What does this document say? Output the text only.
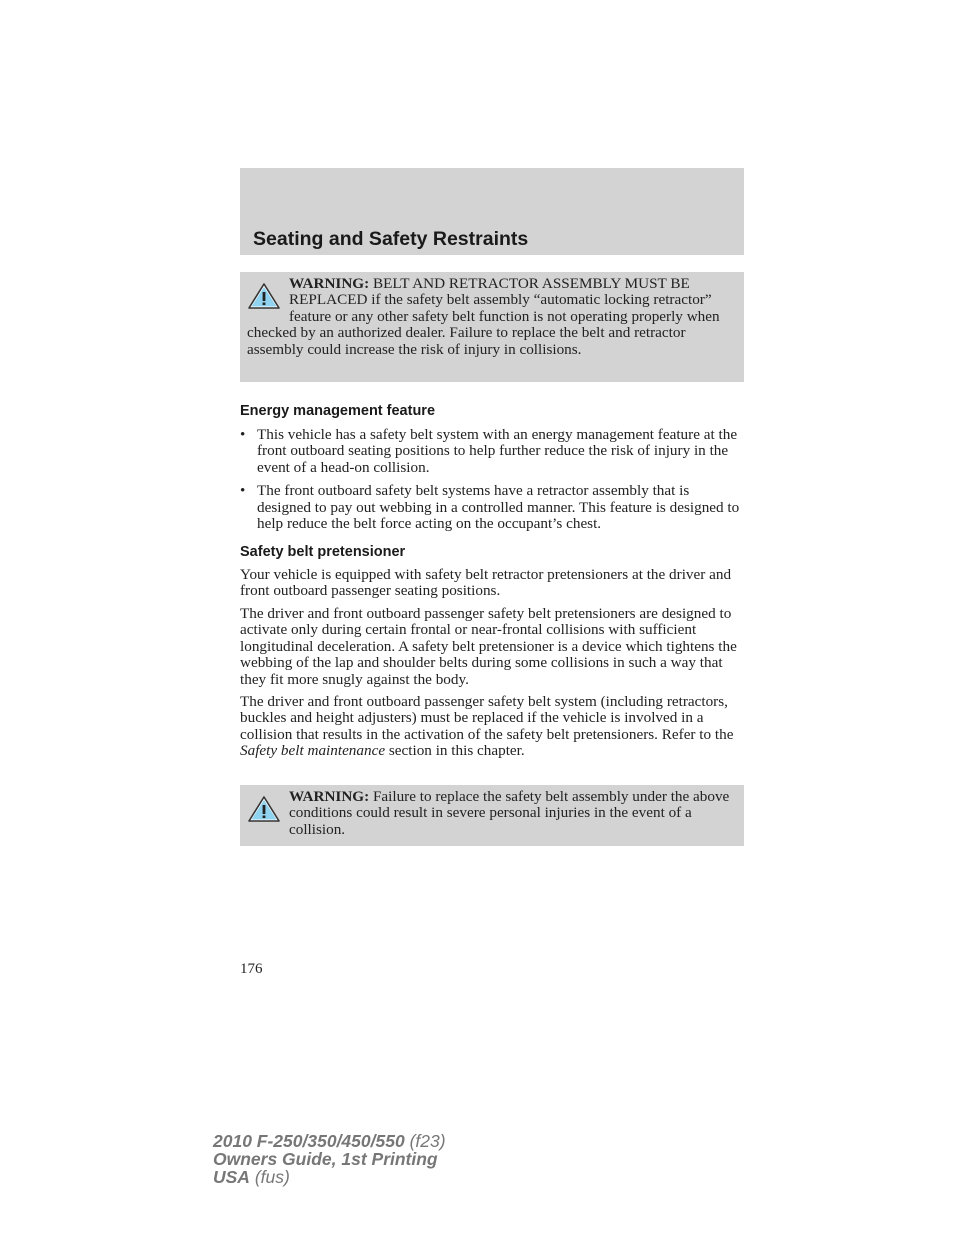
Seating and Safety Restraints
WARNING: BELT AND RETRACTOR ASSEMBLY MUST BE REPLACED if the safety belt assembly “automatic locking retractor” feature or any other safety belt function is not operating properly when checked by an authorized dealer. Failure to replace the belt and retractor assembly could increase the risk of injury in collisions.
Energy management feature
• This vehicle has a safety belt system with an energy management feature at the front outboard seating positions to help further reduce the risk of injury in the event of a head-on collision.
• The front outboard safety belt systems have a retractor assembly that is designed to pay out webbing in a controlled manner. This feature is designed to help reduce the belt force acting on the occupant’s chest.
Safety belt pretensioner

Your vehicle is equipped with safety belt retractor pretensioners at the driver and front outboard passenger seating positions.

The driver and front outboard passenger safety belt pretensioners are designed to activate only during certain frontal or near-frontal collisions with sufficient longitudinal deceleration. A safety belt pretensioner is a device which tightens the webbing of the lap and shoulder belts during some collisions in such a way that they fit more snugly against the body.

The driver and front outboard passenger safety belt system (including retractors, buckles and height adjusters) must be replaced if the vehicle is involved in a collision that results in the activation of the safety belt pretensioners. Refer to the Safety belt maintenance section in this chapter.

WARNING: Failure to replace the safety belt assembly under the above conditions could result in severe personal injuries in the event of a collision.

176

2010 F-250/350/450/550 (f23)
Owners Guide, 1st Printing
USA (fus)
